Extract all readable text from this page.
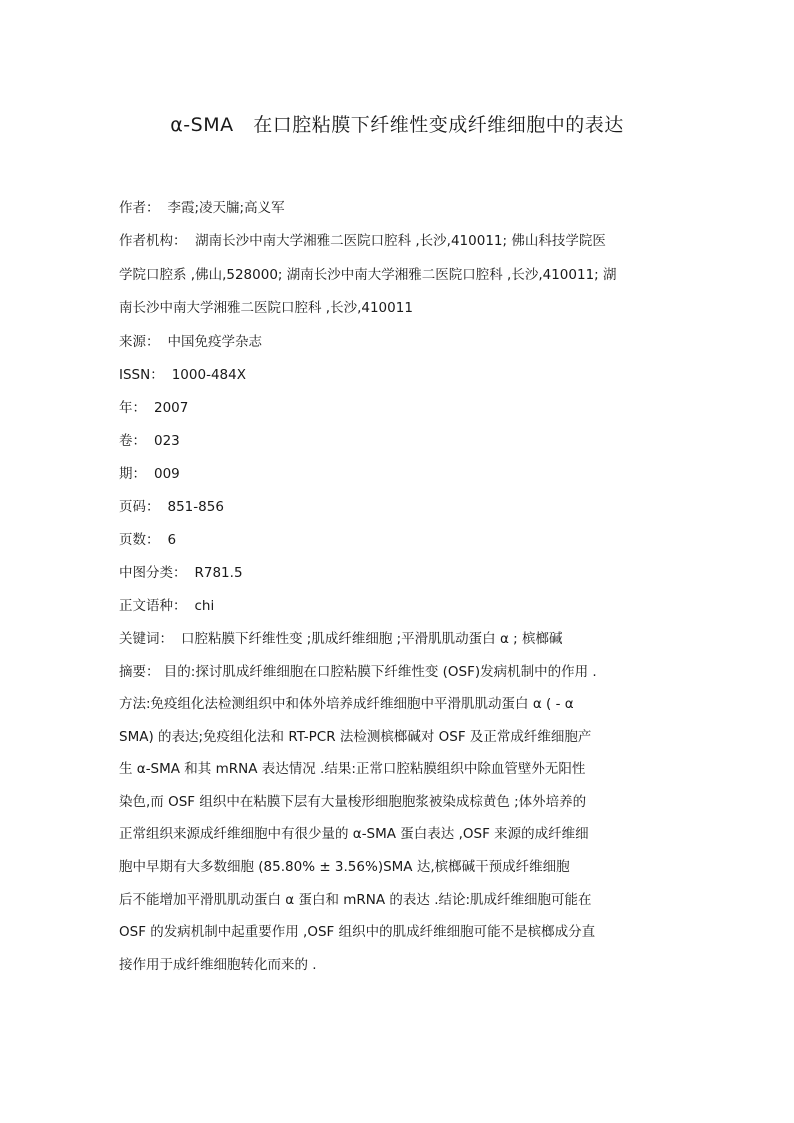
α-SMA   在口腔粘膜下纤维性变成纤维细胞中的表达

作者： 李霞;凌天牖;高义军

作者机构： 湖南长沙中南大学湘雅二医院口腔科 ,长沙,410011; 佛山科技学院医
学院口腔系 ,佛山,528000; 湖南长沙中南大学湘雅二医院口腔科 ,长沙,410011; 湖
南长沙中南大学湘雅二医院口腔科 ,长沙,410011

来源： 中国免疫学杂志

ISSN： 1000-484X

年： 2007

卷： 023

期： 009

页码： 851-856

页数： 6

中图分类： R781.5

正文语种： chi

关键词： 口腔粘膜下纤维性变 ;肌成纤维细胞 ;平滑肌肌动蛋白 α ; 槟榔碱

摘要： 目的:探讨肌成纤维细胞在口腔粘膜下纤维性变 (OSF)发病机制中的作用 .
方法:免疫组化法检测组织中和体外培养成纤维细胞中平滑肌肌动蛋白 α ( - α
SMA) 的表达;免疫组化法和 RT-PCR 法检测槟榔碱对 OSF 及正常成纤维细胞产
生 α-SMA 和其 mRNA 表达情况 .结果:正常口腔粘膜组织中除血管壁外无阳性
染色,而 OSF 组织中在粘膜下层有大量梭形细胞胞浆被染成棕黄色 ;体外培养的
正常组织来源成纤维细胞中有很少量的 α-SMA 蛋白表达 ,OSF 来源的成纤维细
胞中早期有大多数细胞 (85.80% ± 3.56%)SMA 达,槟榔碱干预成纤维细胞
后不能增加平滑肌肌动蛋白 α 蛋白和 mRNA 的表达 .结论:肌成纤维细胞可能在
OSF 的发病机制中起重要作用 ,OSF 组织中的肌成纤维细胞可能不是槟榔成分直
接作用于成纤维细胞转化而来的 .
